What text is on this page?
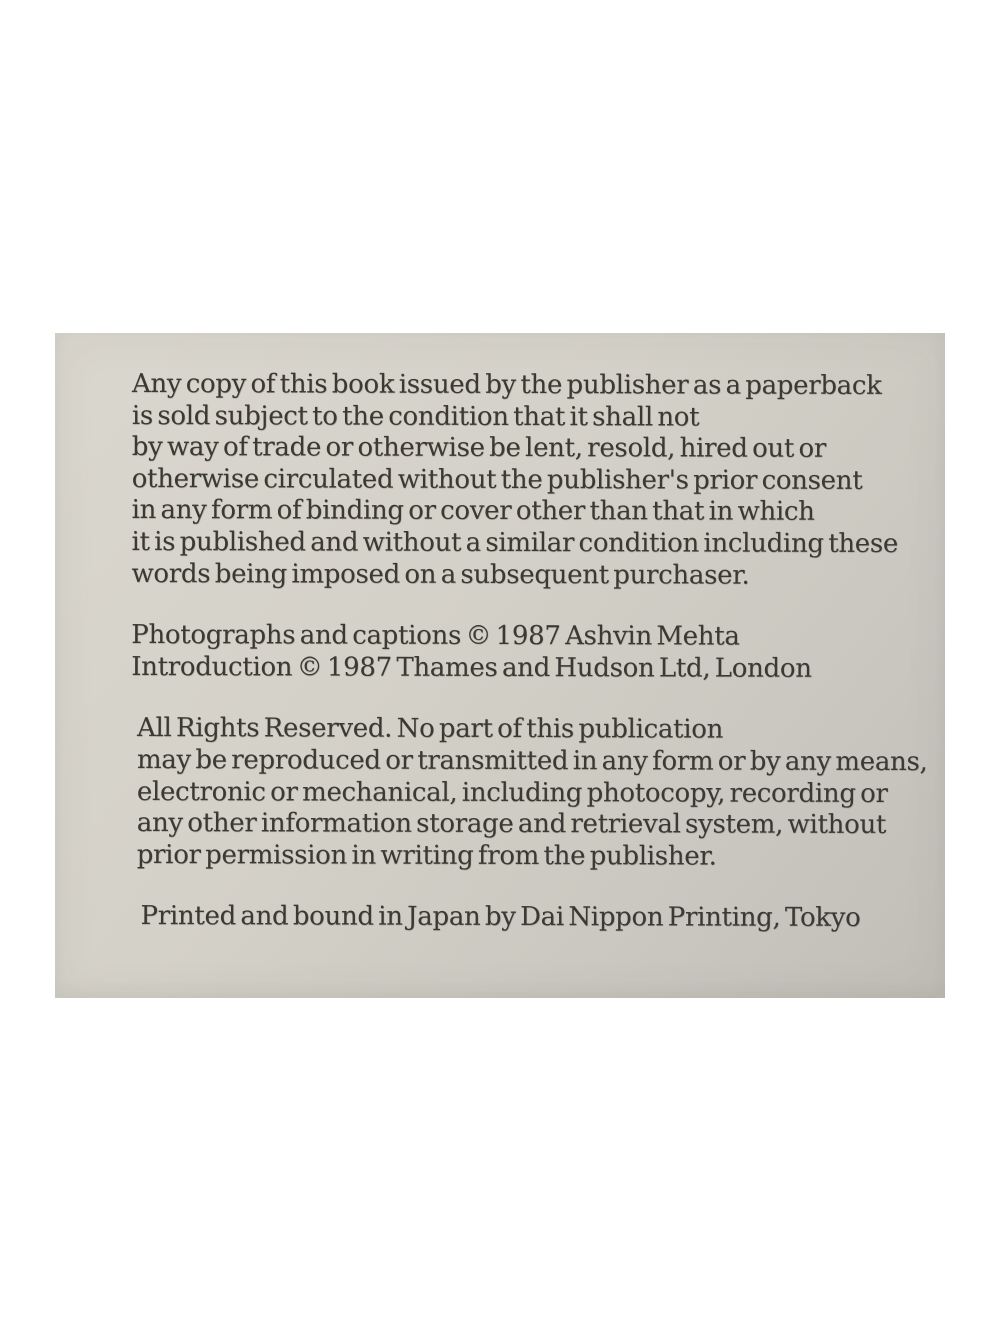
Any copy of this book issued by the publisher as a paperback
is sold subject to the condition that it shall not
by way of trade or otherwise be lent, resold, hired out or
otherwise circulated without the publisher's prior consent
in any form of binding or cover other than that in which
it is published and without a similar condition including these
words being imposed on a subsequent purchaser.
Photographs and captions © 1987 Ashvin Mehta
Introduction © 1987 Thames and Hudson Ltd, London
All Rights Reserved. No part of this publication
may be reproduced or transmitted in any form or by any means,
electronic or mechanical, including photocopy, recording or
any other information storage and retrieval system, without
prior permission in writing from the publisher.
Printed and bound in Japan by Dai Nippon Printing, Tokyo
